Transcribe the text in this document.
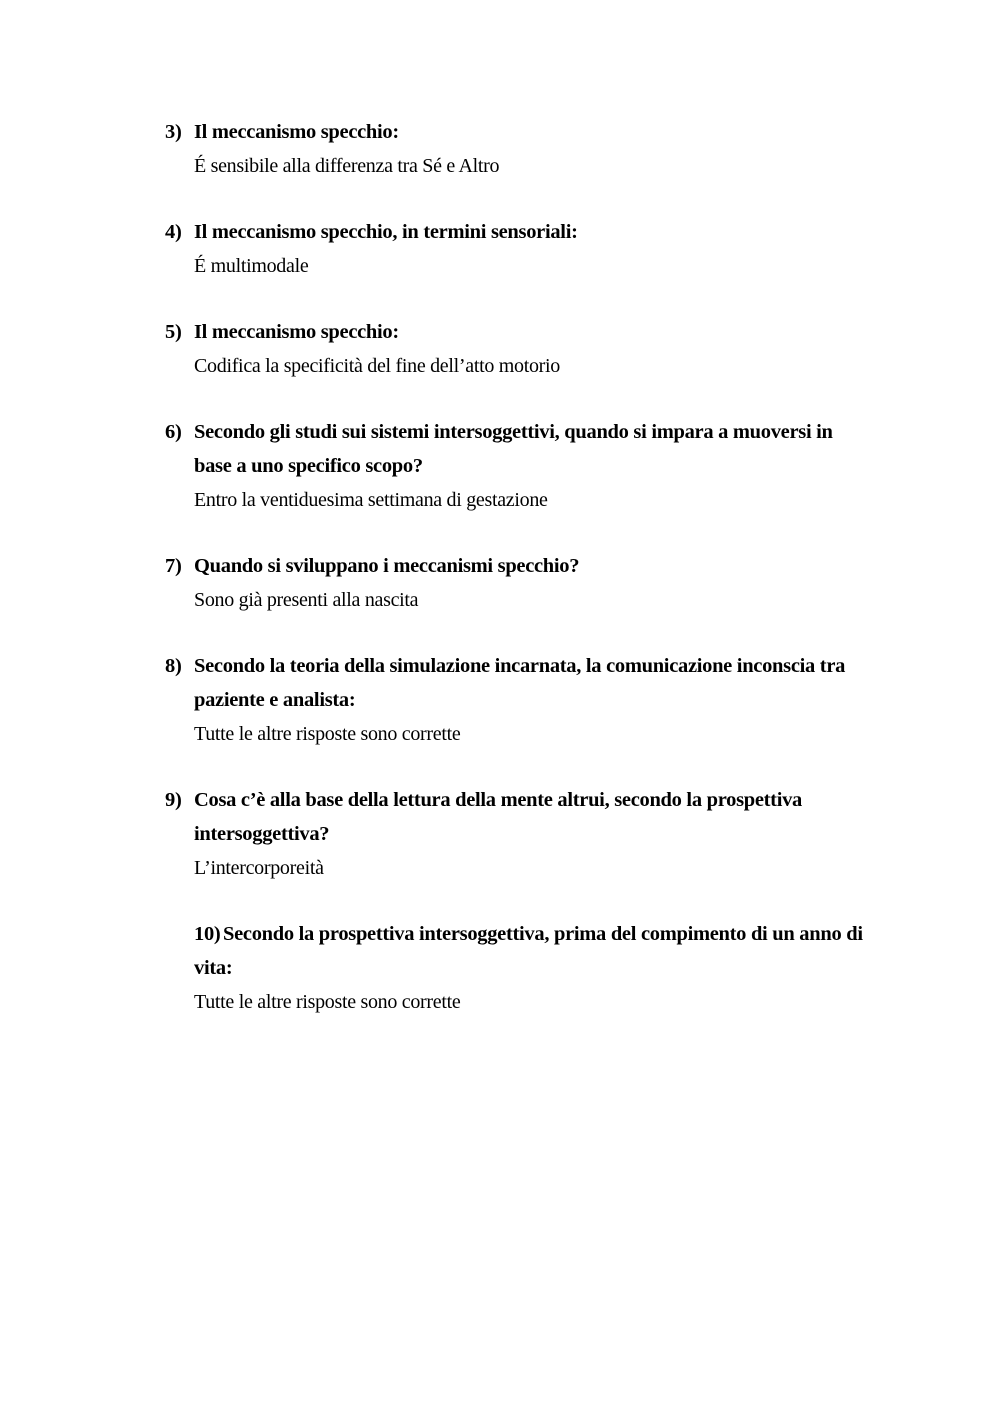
3) Il meccanismo specchio:
É sensibile alla differenza tra Sé e Altro
4) Il meccanismo specchio, in termini sensoriali:
É multimodale
5) Il meccanismo specchio:
Codifica la specificità del fine dell’atto motorio
6) Secondo gli studi sui sistemi intersoggettivi, quando si impara a muoversi in base a uno specifico scopo?
Entro la ventiduesima settimana di gestazione
7) Quando si sviluppano i meccanismi specchio?
Sono già presenti alla nascita
8) Secondo la teoria della simulazione incarnata, la comunicazione inconscia tra paziente e analista:
Tutte le altre risposte sono corrette
9) Cosa c’è alla base della lettura della mente altrui, secondo la prospettiva intersoggettiva?
L’intercorporeità
10) Secondo la prospettiva intersoggettiva, prima del compimento di un anno di vita:
Tutte le altre risposte sono corrette
